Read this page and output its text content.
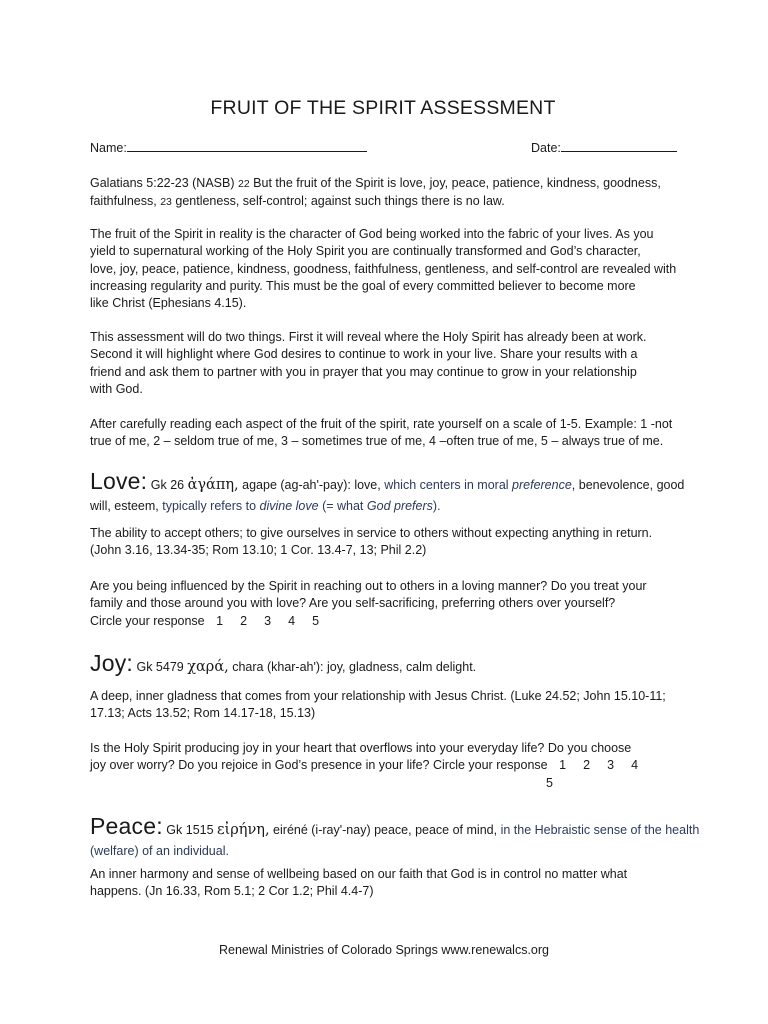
FRUIT OF THE SPIRIT ASSESSMENT
Name:	Date:
Galatians 5:22-23 (NASB) 22 But the fruit of the Spirit is love, joy, peace, patience, kindness, goodness,
faithfulness, 23 gentleness, self-control; against such things there is no law.
The fruit of the Spirit in reality is the character of God being worked into the fabric of your lives. As you
yield to supernatural working of the Holy Spirit you are continually transformed and God’s character,
love, joy, peace, patience, kindness, goodness, faithfulness, gentleness, and self-control are revealed with
increasing regularity and purity. This must be the goal of every committed believer to become more
like Christ (Ephesians 4.15).
This assessment will do two things. First it will reveal where the Holy Spirit has already been at work.
Second it will highlight where God desires to continue to work in your live. Share your results with a
friend and ask them to partner with you in prayer that you may continue to grow in your relationship
with God.
After carefully reading each aspect of the fruit of the spirit, rate yourself on a scale of 1-5. Example: 1 -not
true of me, 2 – seldom true of me, 3 – sometimes true of me, 4 –often true of me, 5 – always true of me.
Love: Gk 26 ἀγάπη, agape (ag-ah'-pay): love, which centers in moral preference, benevolence, good
will, esteem, typically refers to divine love (= what God prefers).
The ability to accept others; to give ourselves in service to others without expecting anything in return.
(John 3.16, 13.34-35; Rom 13.10; 1 Cor. 13.4-7, 13; Phil 2.2)
Are you being influenced by the Spirit in reaching out to others in a loving manner? Do you treat your
family and those around you with love? Are you self-sacrificing, preferring others over yourself?
Circle your response 1 2 3 4 5
Joy: Gk 5479 χαρά, chara (khar-ah'): joy, gladness, calm delight.
A deep, inner gladness that comes from your relationship with Jesus Christ. (Luke 24.52; John 15.10-11;
17.13; Acts 13.52; Rom 14.17-18, 15.13)
Is the Holy Spirit producing joy in your heart that overflows into your everyday life? Do you choose
joy over worry? Do you rejoice in God’s presence in your life? Circle your response 1 2 3 4
5
Peace: Gk 1515 εἰρήνη, eiréné (i-ray'-nay) peace, peace of mind, in the Hebraistic sense of the health
(welfare) of an individual.
An inner harmony and sense of wellbeing based on our faith that God is in control no matter what
happens. (Jn 16.33, Rom 5.1; 2 Cor 1.2; Phil 4.4-7)
Renewal Ministries of Colorado Springs www.renewalcs.org
